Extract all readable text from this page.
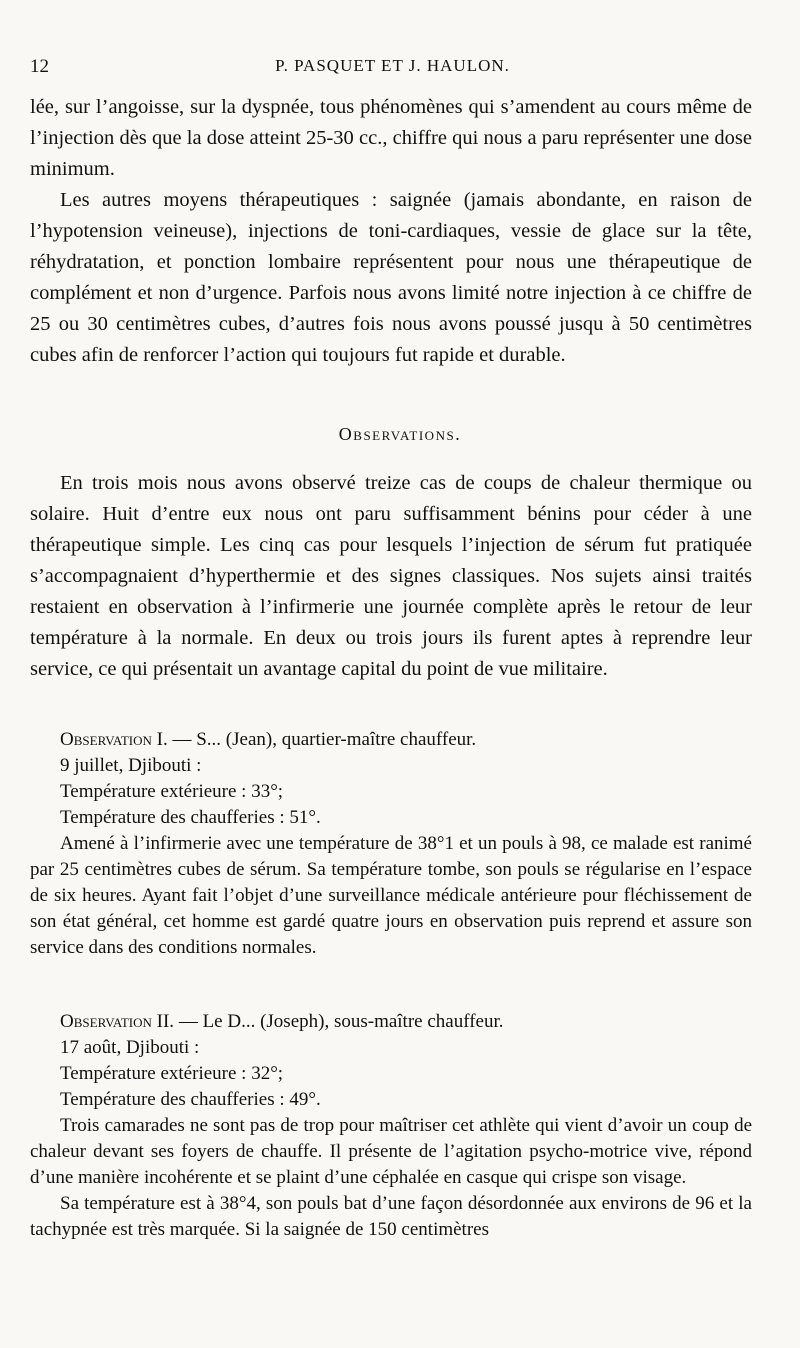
12	P. PASQUET ET J. HAULON.

lée, sur l’angoisse, sur la dyspnée, tous phénomènes qui s’amendent au cours même de l’injection dès que la dose atteint 25-30 cc., chiffre qui nous a paru représenter une dose minimum.

Les autres moyens thérapeutiques : saignée (jamais abondante, en raison de l’hypotension veineuse), injections de toni-cardiaques, vessie de glace sur la tête, réhydratation, et ponction lombaire représentent pour nous une thérapeutique de complément et non d’urgence. Parfois nous avons limité notre injection à ce chiffre de 25 ou 30 centimètres cubes, d’autres fois nous avons poussé jusqu à 50 centimètres cubes afin de renforcer l’action qui toujours fut rapide et durable.

Observations.

En trois mois nous avons observé treize cas de coups de chaleur thermique ou solaire. Huit d’entre eux nous ont paru suffisamment bénins pour céder à une thérapeutique simple. Les cinq cas pour lesquels l’injection de sérum fut pratiquée s’accompagnaient d’hyperthermie et des signes classiques. Nos sujets ainsi traités restaient en observation à l’infirmerie une journée complète après le retour de leur température à la normale. En deux ou trois jours ils furent aptes à reprendre leur service, ce qui présentait un avantage capital du point de vue militaire.

Observation I. — S... (Jean), quartier-maître chauffeur.
9 juillet, Djibouti :
Température extérieure : 33°;
Température des chaufferies : 51°.

Amené à l’infirmerie avec une température de 38°1 et un pouls à 98, ce malade est ranimé par 25 centimètres cubes de sérum. Sa température tombe, son pouls se régularise en l’espace de six heures. Ayant fait l’objet d’une surveillance médicale antérieure pour fléchissement de son état général, cet homme est gardé quatre jours en observation puis reprend et assure son service dans des conditions normales.

Observation II. — Le D... (Joseph), sous-maître chauffeur.
17 août, Djibouti :
Température extérieure : 32°;
Température des chaufferies : 49°.

Trois camarades ne sont pas de trop pour maîtriser cet athlète qui vient d’avoir un coup de chaleur devant ses foyers de chauffe. Il présente de l’agitation psycho-motrice vive, répond d’une manière incohérente et se plaint d’une céphalée en casque qui crispe son visage.

Sa température est à 38°4, son pouls bat d’une façon désordonnée aux environs de 96 et la tachypnée est très marquée. Si la saignée de 150 centimètres
